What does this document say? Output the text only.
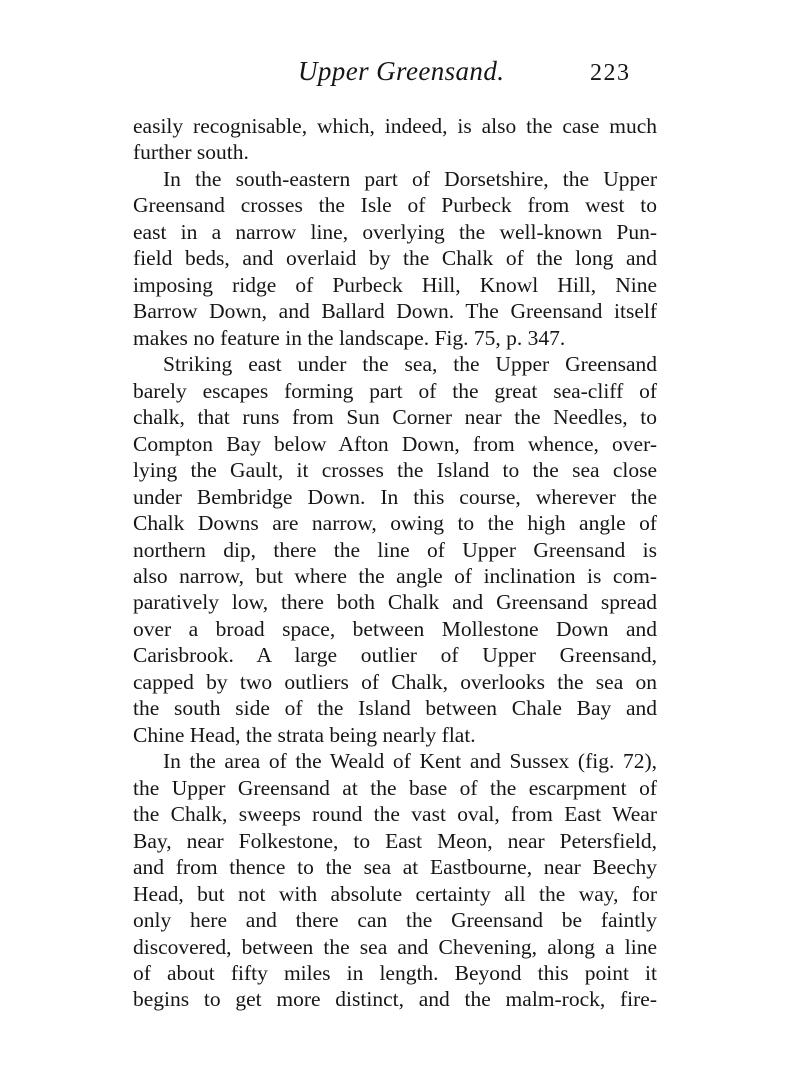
Upper Greensand.	223
easily recognisable, which, indeed, is also the case much
further south.
In the south-eastern part of Dorsetshire, the Upper
Greensand crosses the Isle of Purbeck from west to
east in a narrow line, overlying the well-known Pun-
field beds, and overlaid by the Chalk of the long and
imposing ridge of Purbeck Hill, Knowl Hill, Nine
Barrow Down, and Ballard Down. The Greensand itself
makes no feature in the landscape. Fig. 75, p. 347.
Striking east under the sea, the Upper Greensand
barely escapes forming part of the great sea-cliff of
chalk, that runs from Sun Corner near the Needles, to
Compton Bay below Afton Down, from whence, over-
lying the Gault, it crosses the Island to the sea close
under Bembridge Down. In this course, wherever the
Chalk Downs are narrow, owing to the high angle of
northern dip, there the line of Upper Greensand is
also narrow, but where the angle of inclination is com-
paratively low, there both Chalk and Greensand spread
over a broad space, between Mollestone Down and
Carisbrook. A large outlier of Upper Greensand,
capped by two outliers of Chalk, overlooks the sea on
the south side of the Island between Chale Bay and
Chine Head, the strata being nearly flat.
In the area of the Weald of Kent and Sussex (fig. 72),
the Upper Greensand at the base of the escarpment of
the Chalk, sweeps round the vast oval, from East Wear
Bay, near Folkestone, to East Meon, near Petersfield,
and from thence to the sea at Eastbourne, near Beechy
Head, but not with absolute certainty all the way, for
only here and there can the Greensand be faintly
discovered, between the sea and Chevening, along a line
of about fifty miles in length. Beyond this point it
begins to get more distinct, and the malm-rock, fire-
